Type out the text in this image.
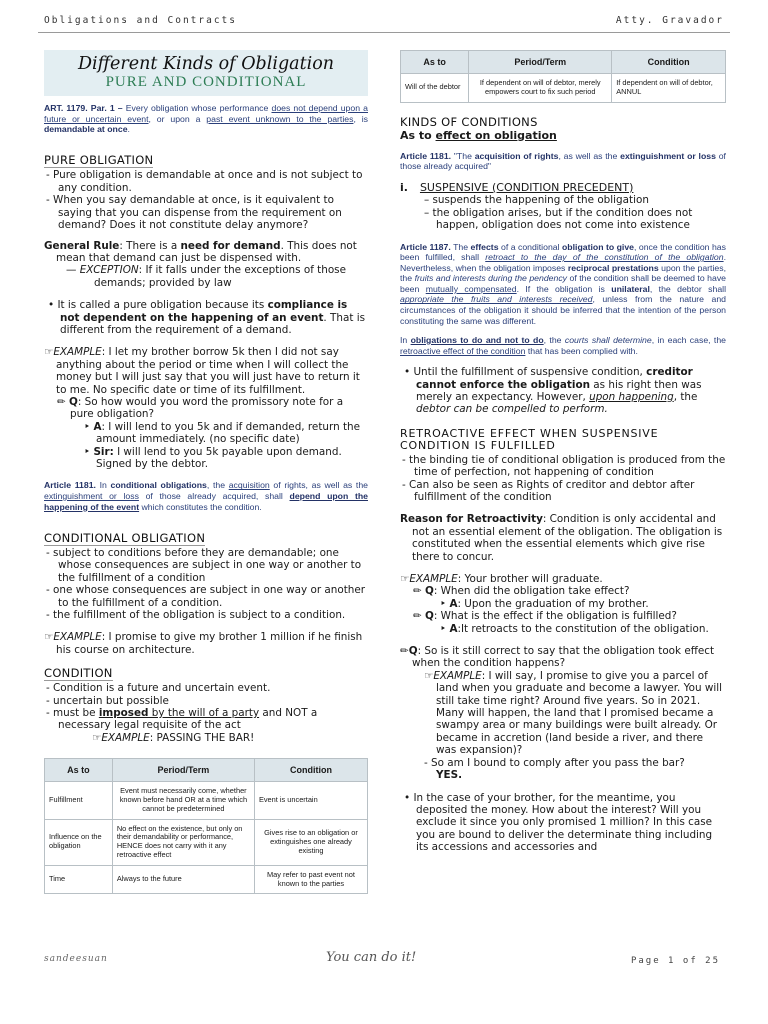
Obligations and Contracts	Atty. Gravador
Different Kinds of Obligation
PURE AND CONDITIONAL

ART. 1179. Par. 1 – Every obligation whose performance does not depend upon a future or uncertain event, or upon a past event unknown to the parties, is demandable at once.

PURE OBLIGATION

- Pure obligation is demandable at once and is not subject to any condition.

- When you say demandable at once, is it equivalent to saying that you can dispense from the requirement on demand? Does it not constitute delay anymore?

General Rule: There is a need for demand. This does not mean that demand can just be dispensed with.

— EXCEPTION: If it falls under the exceptions of those demands; provided by law

• It is called a pure obligation because its compliance is not dependent on the happening of an event. That is different from the requirement of a demand.

☞EXAMPLE: I let my brother borrow 5k then I did not say anything about the period or time when I will collect the money but I will just say that you will just have to return it to me. No specific date or time of its fulfillment.

✏ Q: So how would you word the promissory note for a pure obligation?

‣ A: I will lend to you 5k and if demanded, return the amount immediately. (no specific date)

‣ Sir: I will lend to you 5k payable upon demand. Signed by the debtor.

Article 1181. In conditional obligations, the acquisition of rights, as well as the extinguishment or loss of those already acquired, shall depend upon the happening of the event which constitutes the condition.

CONDITIONAL OBLIGATION

- subject to conditions before they are demandable; one whose consequences are subject in one way or another to the fulfillment of a condition

- one whose consequences are subject in one way or another to the fulfillment of a condition.

- the fulfillment of the obligation is subject to a condition.

☞EXAMPLE: I promise to give my brother 1 million if he finish his course on architecture.

CONDITION

- Condition is a future and uncertain event.

- uncertain but possible

- must be imposed by the will of a party and NOT a necessary legal requisite of the act

☞EXAMPLE: PASSING THE BAR!

As to	Period/Term	Condition
Fulfillment	Event must necessarily come, whether known before hand OR at a time which cannot be predetermined	Event is uncertain
Influence on the obligation	No effect on the existence, but only on their demandability or performance, HENCE does not carry with it any retroactive effect	Gives rise to an obligation or extinguishes one already existing
Time	Always to the future	May refer to past event not known to the parties
As to	Period/Term	Condition
Will of the debtor	If dependent on will of debtor, merely empowers court to fix such period	If dependent on will of debtor, ANNUL
KINDS OF CONDITIONS

As to effect on obligation

Article 1181. "The acquisition of rights, as well as the extinguishment or loss of those already acquired"

i. SUSPENSIVE (CONDITION PRECEDENT)

– suspends the happening of the obligation

– the obligation arises, but if the condition does not happen, obligation does not come into existence

Article 1187. The effects of a conditional obligation to give, once the condition has been fulfilled, shall retroact to the day of the constitution of the obligation. Nevertheless, when the obligation imposes reciprocal prestations upon the parties, the fruits and interests during the pendency of the condition shall be deemed to have been mutually compensated. If the obligation is unilateral, the debtor shall appropriate the fruits and interests received, unless from the nature and circumstances of the obligation it should be inferred that the intention of the person constituting the same was different.

In obligations to do and not to do, the courts shall determine, in each case, the retroactive effect of the condition that has been complied with.

• Until the fulfillment of suspensive condition, creditor cannot enforce the obligation as his right then was merely an expectancy. However, upon happening, the debtor can be compelled to perform.

RETROACTIVE EFFECT WHEN SUSPENSIVE CONDITION IS FULFILLED

- the binding tie of conditional obligation is produced from the time of perfection, not happening of condition

- Can also be seen as Rights of creditor and debtor after fulfillment of the condition

Reason for Retroactivity: Condition is only accidental and not an essential element of the obligation. The obligation is constituted when the essential elements which give rise there to concur.

☞EXAMPLE: Your brother will graduate.

✏ Q: When did the obligation take effect?

‣ A: Upon the graduation of my brother.

✏ Q: What is the effect if the obligation is fulfilled?

‣ A:It retroacts to the constitution of the obligation.

✏Q: So is it still correct to say that the obligation took effect when the condition happens?

☞EXAMPLE: I will say, I promise to give you a parcel of land when you graduate and become a lawyer. You will still take time right? Around five years. So in 2021. Many will happen, the land that I promised became a swampy area or many buildings were built already. Or became in accretion (land beside a river, and there was expansion)?

- So am I bound to comply after you pass the bar?
YES.

• In the case of your brother, for the meantime, you deposited the money. How about the interest? Will you exclude it since you only promised 1 million? In this case you are bound to deliver the determinate thing including its accessions and accessories and

sandeesuan	You can do it!	Page 1 of 25
